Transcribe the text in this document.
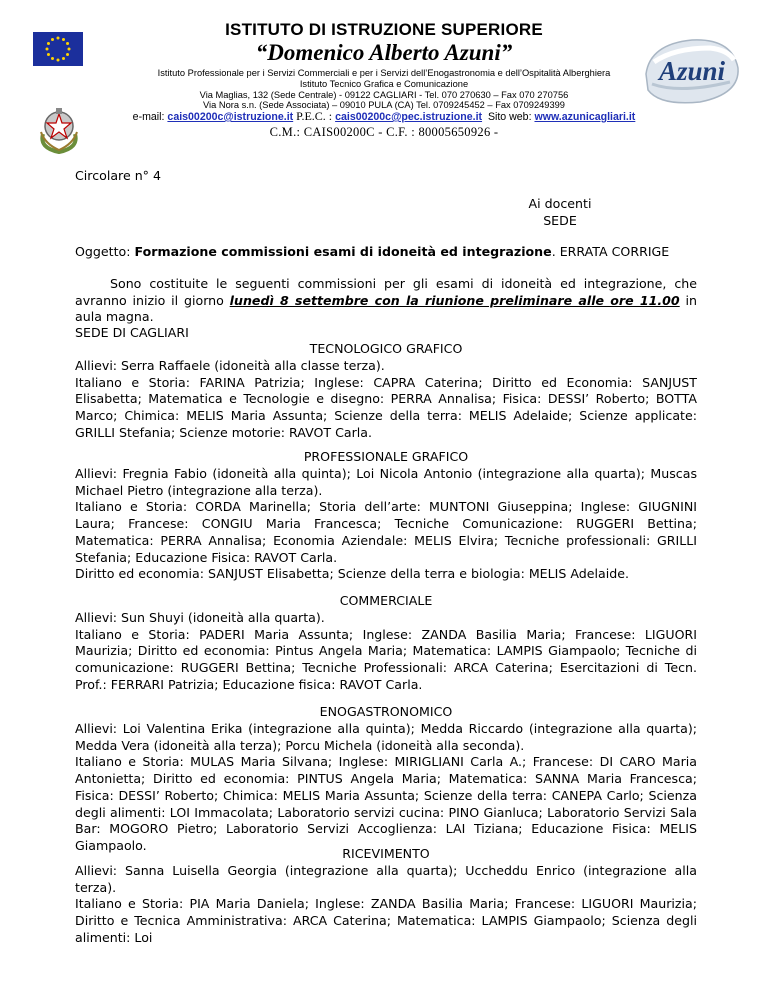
Azuni
ISTITUTO DI ISTRUZIONE SUPERIORE
“Domenico Alberto Azuni”
Istituto Professionale per i Servizi Commerciali e per i Servizi dell’Enogastronomia e dell’Ospitalità Alberghiera
Istituto Tecnico Grafica e Comunicazione
Via Maglias, 132 (Sede Centrale) - 09122 CAGLIARI - Tel. 070 270630 – Fax 070 270756
Via Nora s.n. (Sede Associata) – 09010 PULA (CA) Tel. 0709245452 – Fax 0709249399
e-mail: cais00200c@istruzione.it P.E.C. : cais00200c@pec.istruzione.it Sito web: www.azunicagliari.it
C.M.: CAIS00200C - C.F. : 80005650926 -
Circolare n° 4
Ai docenti
SEDE
Oggetto: Formazione commissioni esami di idoneità ed integrazione. ERRATA CORRIGE
Sono costituite le seguenti commissioni per gli esami di idoneità ed integrazione, che avranno inizio il giorno lunedì 8 settembre con la riunione preliminare alle ore 11.00 in aula magna.
SEDE DI CAGLIARI
TECNOLOGICO GRAFICO
Allievi: Serra Raffaele (idoneità alla classe terza).
Italiano e Storia: FARINA Patrizia; Inglese: CAPRA Caterina; Diritto ed Economia: SANJUST Elisabetta; Matematica e Tecnologie e disegno: PERRA Annalisa; Fisica: DESSI’ Roberto; BOTTA Marco; Chimica: MELIS Maria Assunta; Scienze della terra: MELIS Adelaide; Scienze applicate: GRILLI Stefania; Scienze motorie: RAVOT Carla.
PROFESSIONALE GRAFICO
Allievi: Fregnia Fabio (idoneità alla quinta); Loi Nicola Antonio (integrazione alla quarta); Muscas Michael Pietro (integrazione alla terza).
Italiano e Storia: CORDA Marinella; Storia dell’arte: MUNTONI Giuseppina; Inglese: GIUGNINI Laura; Francese: CONGIU Maria Francesca; Tecniche Comunicazione: RUGGERI Bettina; Matematica: PERRA Annalisa; Economia Aziendale: MELIS Elvira; Tecniche professionali: GRILLI Stefania; Educazione Fisica: RAVOT Carla.
Diritto ed economia: SANJUST Elisabetta; Scienze della terra e biologia: MELIS Adelaide.
COMMERCIALE
Allievi: Sun Shuyi (idoneità alla quarta).
Italiano e Storia: PADERI Maria Assunta; Inglese: ZANDA Basilia Maria; Francese: LIGUORI Maurizia; Diritto ed economia: Pintus Angela Maria; Matematica: LAMPIS Giampaolo; Tecniche di comunicazione: RUGGERI Bettina; Tecniche Professionali: ARCA Caterina; Esercitazioni di Tecn. Prof.: FERRARI Patrizia; Educazione fisica: RAVOT Carla.
ENOGASTRONOMICO
Allievi: Loi Valentina Erika (integrazione alla quinta); Medda Riccardo (integrazione alla quarta); Medda Vera (idoneità alla terza); Porcu Michela (idoneità alla seconda).
Italiano e Storia: MULAS Maria Silvana; Inglese: MIRIGLIANI Carla A.; Francese: DI CARO Maria Antonietta; Diritto ed economia: PINTUS Angela Maria; Matematica: SANNA Maria Francesca; Fisica: DESSI’ Roberto; Chimica: MELIS Maria Assunta; Scienze della terra: CANEPA Carlo; Scienza degli alimenti: LOI Immacolata; Laboratorio servizi cucina: PINO Gianluca; Laboratorio Servizi Sala Bar: MOGORO Pietro; Laboratorio Servizi Accoglienza: LAI Tiziana; Educazione Fisica: MELIS Giampaolo.
RICEVIMENTO
Allievi: Sanna Luisella Georgia (integrazione alla quarta); Uccheddu Enrico (integrazione alla terza).
Italiano e Storia: PIA Maria Daniela; Inglese: ZANDA Basilia Maria; Francese: LIGUORI Maurizia; Diritto e Tecnica Amministrativa: ARCA Caterina; Matematica: LAMPIS Giampaolo; Scienza degli alimenti: Loi
